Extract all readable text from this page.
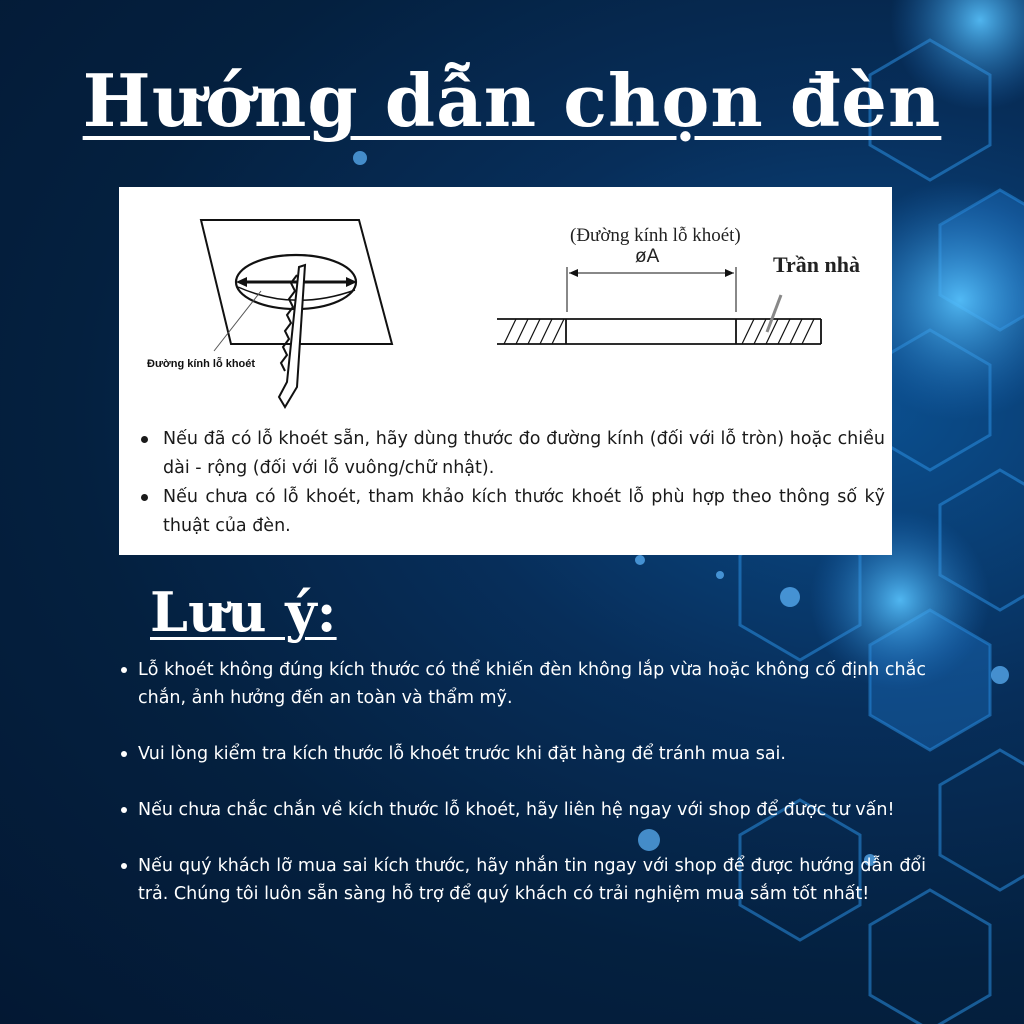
Hướng dẫn chọn đèn
Đường kính lỗ khoét
(Đường kính lỗ khoét)
øA	Trần nhà
Nếu đã có lỗ khoét sẵn, hãy dùng thước đo đường kính (đối với lỗ tròn) hoặc chiều dài - rộng (đối với lỗ vuông/chữ nhật).
Nếu chưa có lỗ khoét, tham khảo kích thước khoét lỗ phù hợp theo thông số kỹ thuật của đèn.
Lưu ý:
Lỗ khoét không đúng kích thước có thể khiến đèn không lắp vừa hoặc không cố định chắc chắn, ảnh hưởng đến an toàn và thẩm mỹ.
Vui lòng kiểm tra kích thước lỗ khoét trước khi đặt hàng để tránh mua sai.
Nếu chưa chắc chắn về kích thước lỗ khoét, hãy liên hệ ngay với shop để được tư vấn!
Nếu quý khách lỡ mua sai kích thước, hãy nhắn tin ngay với shop để được hướng dẫn đổi trả. Chúng tôi luôn sẵn sàng hỗ trợ để quý khách có trải nghiệm mua sắm tốt nhất!
